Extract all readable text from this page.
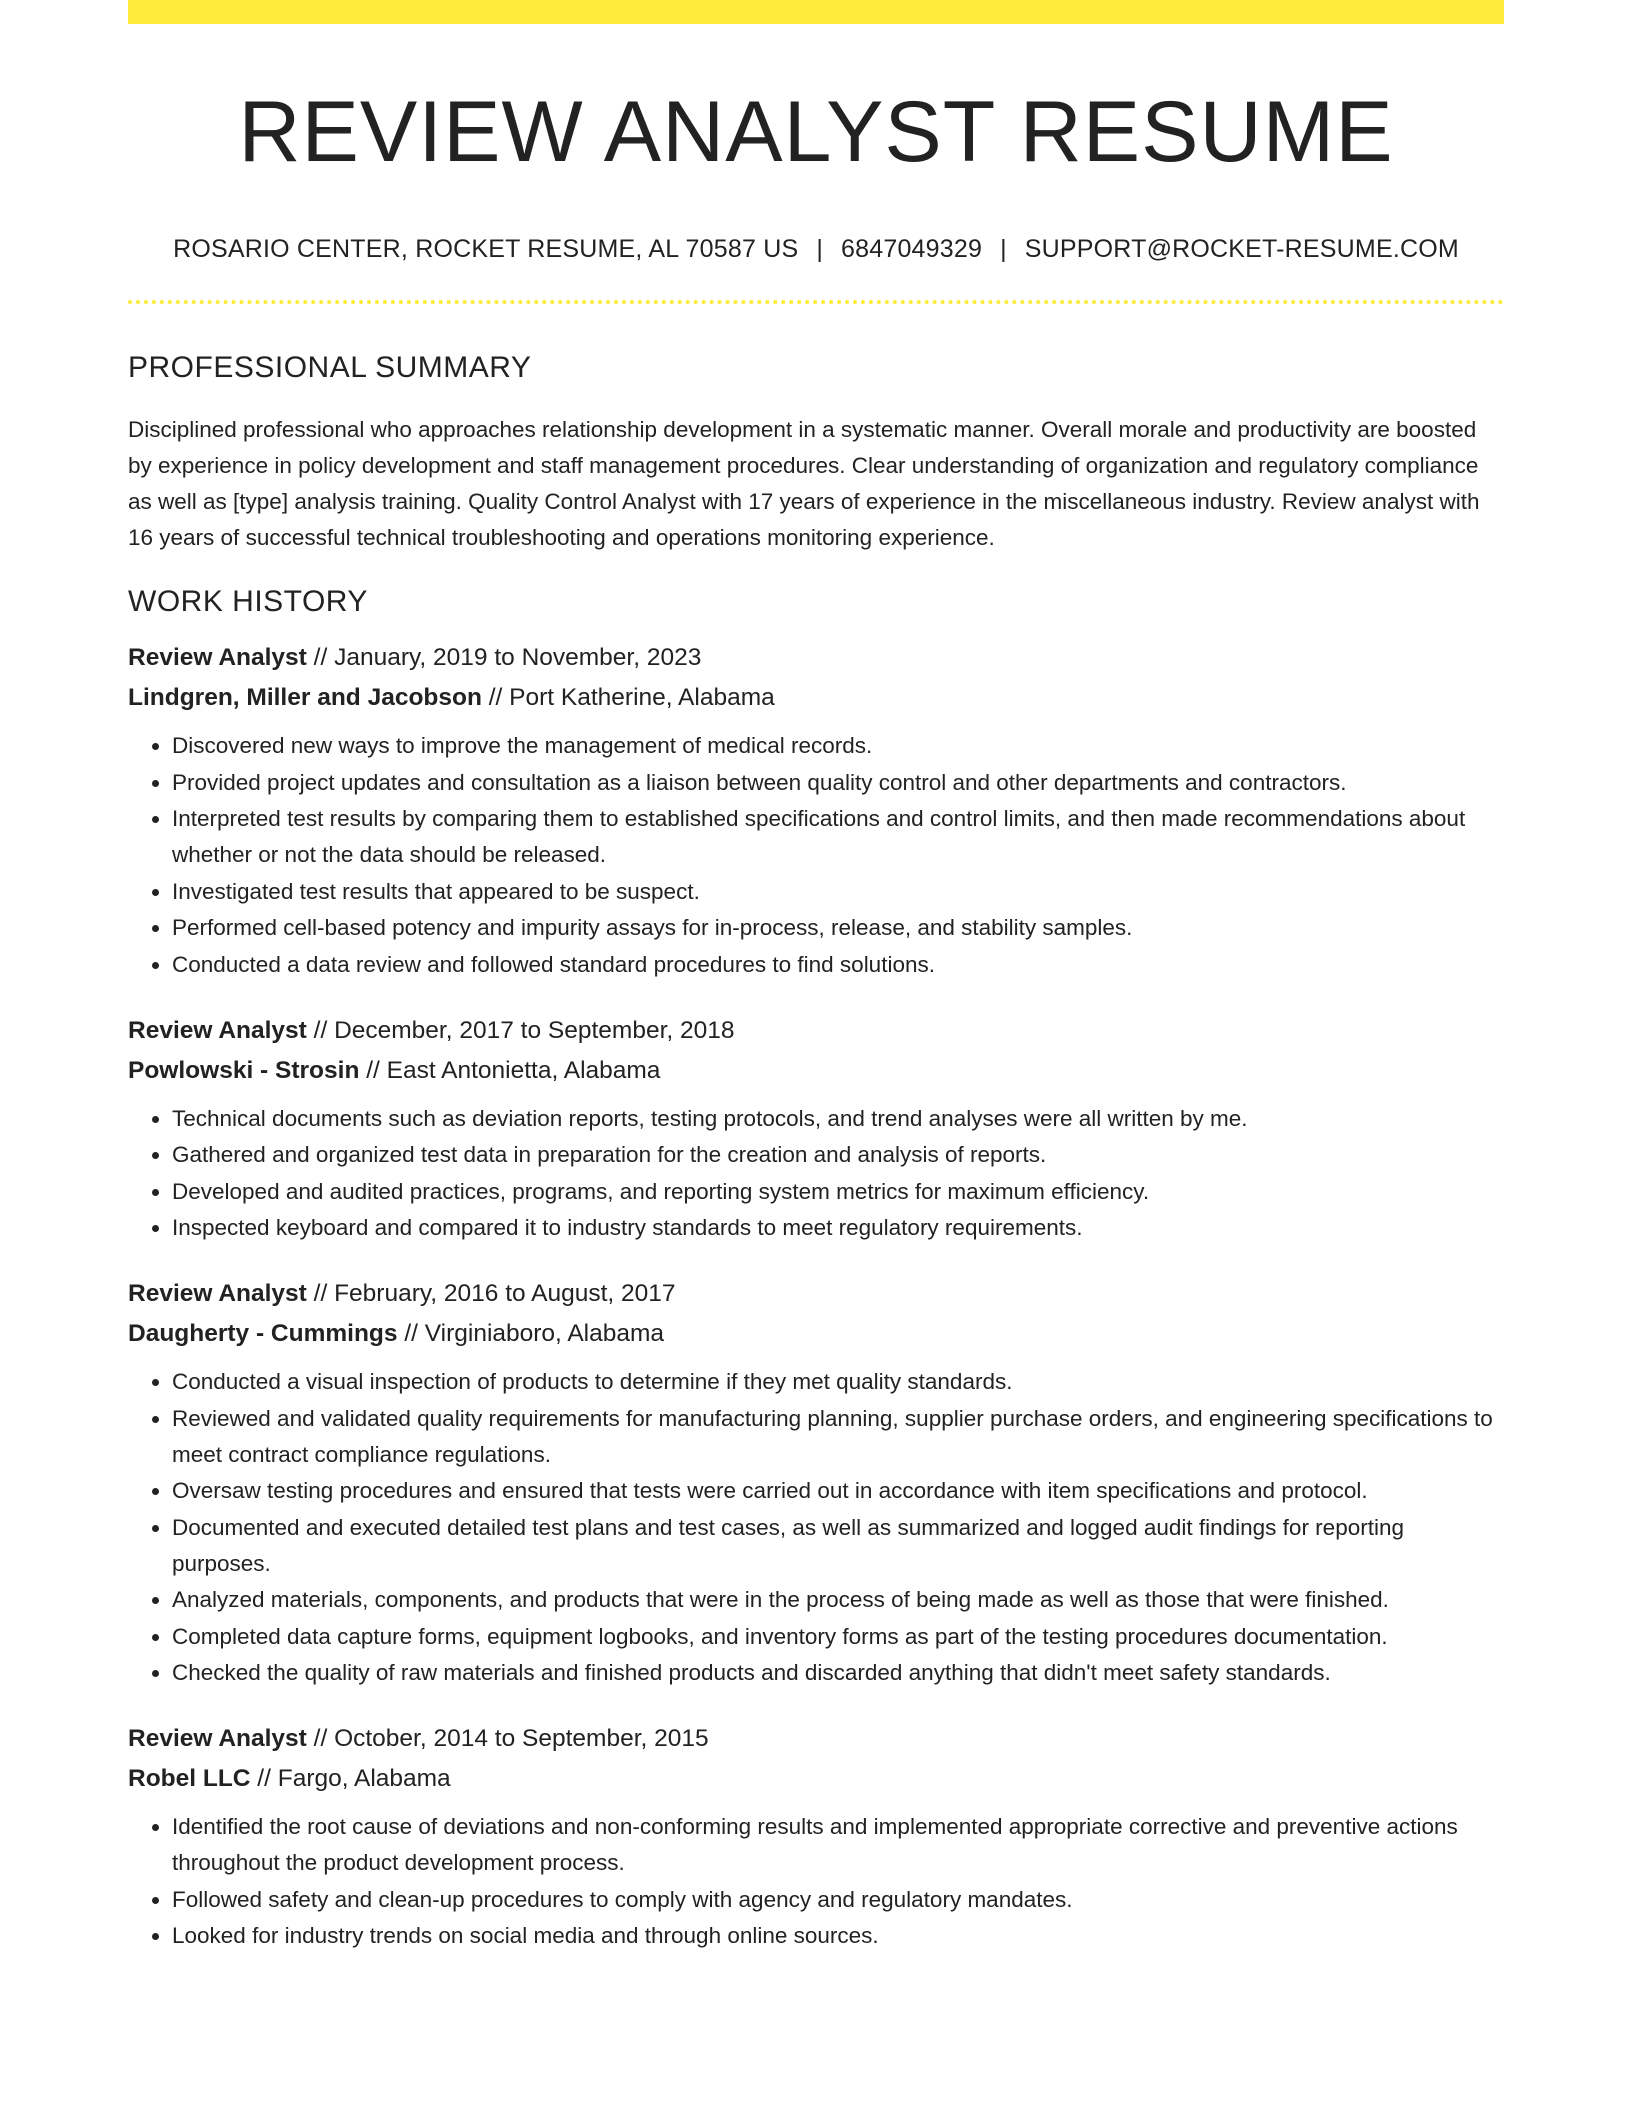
REVIEW ANALYST RESUME
ROSARIO CENTER, ROCKET RESUME, AL 70587 US | 6847049329 | SUPPORT@ROCKET-RESUME.COM
PROFESSIONAL SUMMARY
Disciplined professional who approaches relationship development in a systematic manner. Overall morale and productivity are boosted by experience in policy development and staff management procedures. Clear understanding of organization and regulatory compliance as well as [type] analysis training. Quality Control Analyst with 17 years of experience in the miscellaneous industry. Review analyst with 16 years of successful technical troubleshooting and operations monitoring experience.
WORK HISTORY
Review Analyst // January, 2019 to November, 2023
Lindgren, Miller and Jacobson // Port Katherine, Alabama
• Discovered new ways to improve the management of medical records.
• Provided project updates and consultation as a liaison between quality control and other departments and contractors.
• Interpreted test results by comparing them to established specifications and control limits, and then made recommendations about whether or not the data should be released.
• Investigated test results that appeared to be suspect.
• Performed cell-based potency and impurity assays for in-process, release, and stability samples.
• Conducted a data review and followed standard procedures to find solutions.
Review Analyst // December, 2017 to September, 2018
Powlowski - Strosin // East Antonietta, Alabama
• Technical documents such as deviation reports, testing protocols, and trend analyses were all written by me.
• Gathered and organized test data in preparation for the creation and analysis of reports.
• Developed and audited practices, programs, and reporting system metrics for maximum efficiency.
• Inspected keyboard and compared it to industry standards to meet regulatory requirements.
Review Analyst // February, 2016 to August, 2017
Daugherty - Cummings // Virginiaboro, Alabama
• Conducted a visual inspection of products to determine if they met quality standards.
• Reviewed and validated quality requirements for manufacturing planning, supplier purchase orders, and engineering specifications to meet contract compliance regulations.
• Oversaw testing procedures and ensured that tests were carried out in accordance with item specifications and protocol.
• Documented and executed detailed test plans and test cases, as well as summarized and logged audit findings for reporting purposes.
• Analyzed materials, components, and products that were in the process of being made as well as those that were finished.
• Completed data capture forms, equipment logbooks, and inventory forms as part of the testing procedures documentation.
• Checked the quality of raw materials and finished products and discarded anything that didn't meet safety standards.
Review Analyst // October, 2014 to September, 2015
Robel LLC // Fargo, Alabama
• Identified the root cause of deviations and non-conforming results and implemented appropriate corrective and preventive actions throughout the product development process.
• Followed safety and clean-up procedures to comply with agency and regulatory mandates.
• Looked for industry trends on social media and through online sources.
